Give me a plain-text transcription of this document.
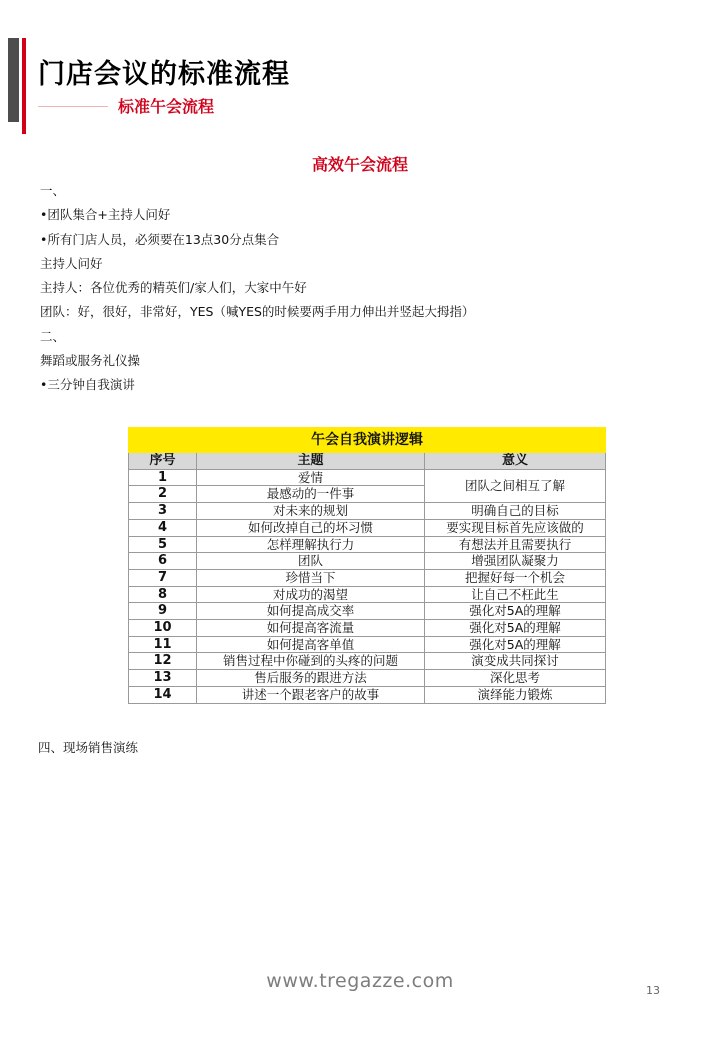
门店会议的标准流程
标准午会流程
高效午会流程
一、
•团队集合+主持人问好
•所有门店人员，必须要在13点30分点集合
主持人问好
主持人：各位优秀的精英们/家人们，大家中午好
团队：好，很好，非常好，YES（喊YES的时候要两手用力伸出并竖起大拇指）
二、
舞蹈或服务礼仪操
•三分钟自我演讲
午会自我演讲逻辑		
序号	主题	意义
1	爱情	团队之间相互了解
2	最感动的一件事	
3	对未来的规划	明确自己的目标
4	如何改掉自己的坏习惯	要实现目标首先应该做的
5	怎样理解执行力	有想法并且需要执行
6	团队	增强团队凝聚力
7	珍惜当下	把握好每一个机会
8	对成功的渴望	让自己不枉此生
9	如何提高成交率	强化对5A的理解
10	如何提高客流量	强化对5A的理解
11	如何提高客单值	强化对5A的理解
12	销售过程中你碰到的头疼的问题	演变成共同探讨
13	售后服务的跟进方法	深化思考
14	讲述一个跟老客户的故事	演绎能力锻炼

四、现场销售演练

www.tregazze.com	13
